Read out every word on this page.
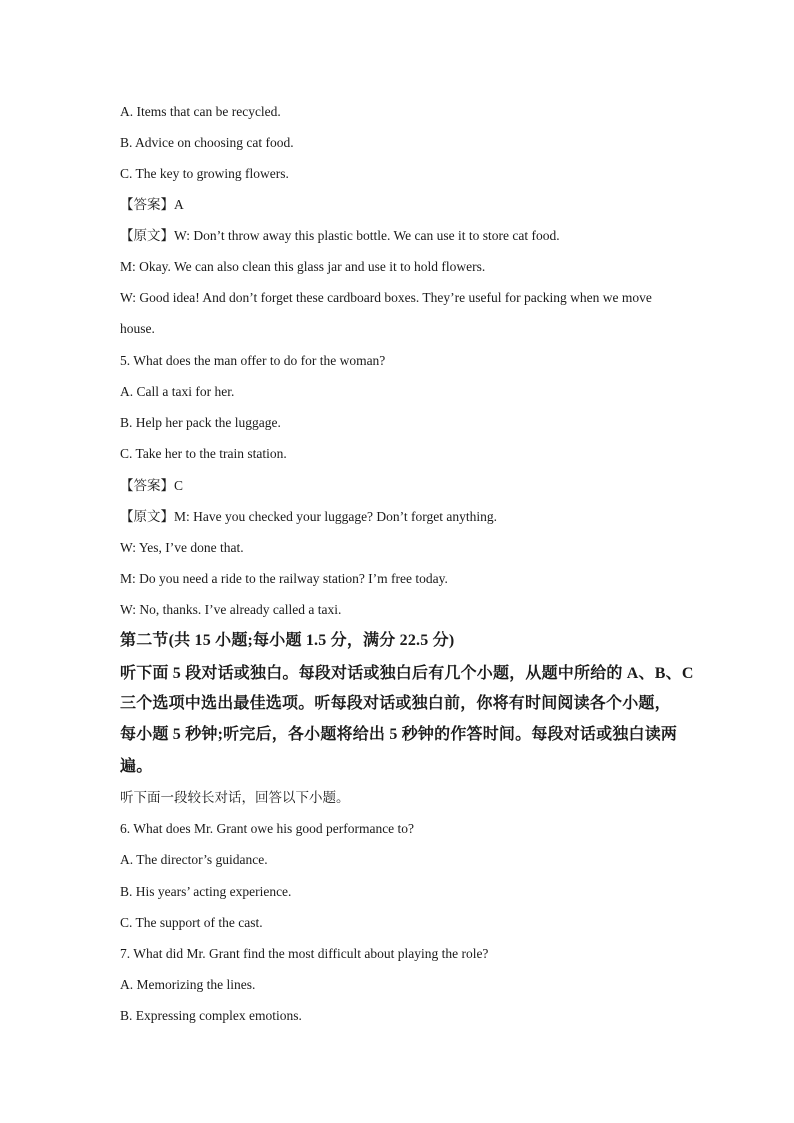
A. Items that can be recycled.
B. Advice on choosing cat food.
C. The key to growing flowers.
【答案】A
【原文】W: Don’t throw away this plastic bottle. We can use it to store cat food.
M: Okay. We can also clean this glass jar and use it to hold flowers.
W: Good idea! And don’t forget these cardboard boxes. They’re useful for packing when we move
house.
5. What does the man offer to do for the woman?
A. Call a taxi for her.
B. Help her pack the luggage.
C. Take her to the train station.
【答案】C
【原文】M: Have you checked your luggage? Don’t forget anything.
W: Yes, I’ve done that.
M: Do you need a ride to the railway station? I’m free today.
W: No, thanks. I’ve already called a taxi.
第二节(共 15 小题;每小题 1.5 分，满分 22.5 分)
听下面 5 段对话或独白。每段对话或独白后有几个小题，从题中所给的 A、B、C
三个选项中选出最佳选项。听每段对话或独白前，你将有时间阅读各个小题，
每小题 5 秒钟;听完后，各小题将给出 5 秒钟的作答时间。每段对话或独白读两
遍。
听下面一段较长对话，回答以下小题。
6. What does Mr. Grant owe his good performance to?
A. The director’s guidance.
B. His years’ acting experience.
C. The support of the cast.
7. What did Mr. Grant find the most difficult about playing the role?
A. Memorizing the lines.
B. Expressing complex emotions.
